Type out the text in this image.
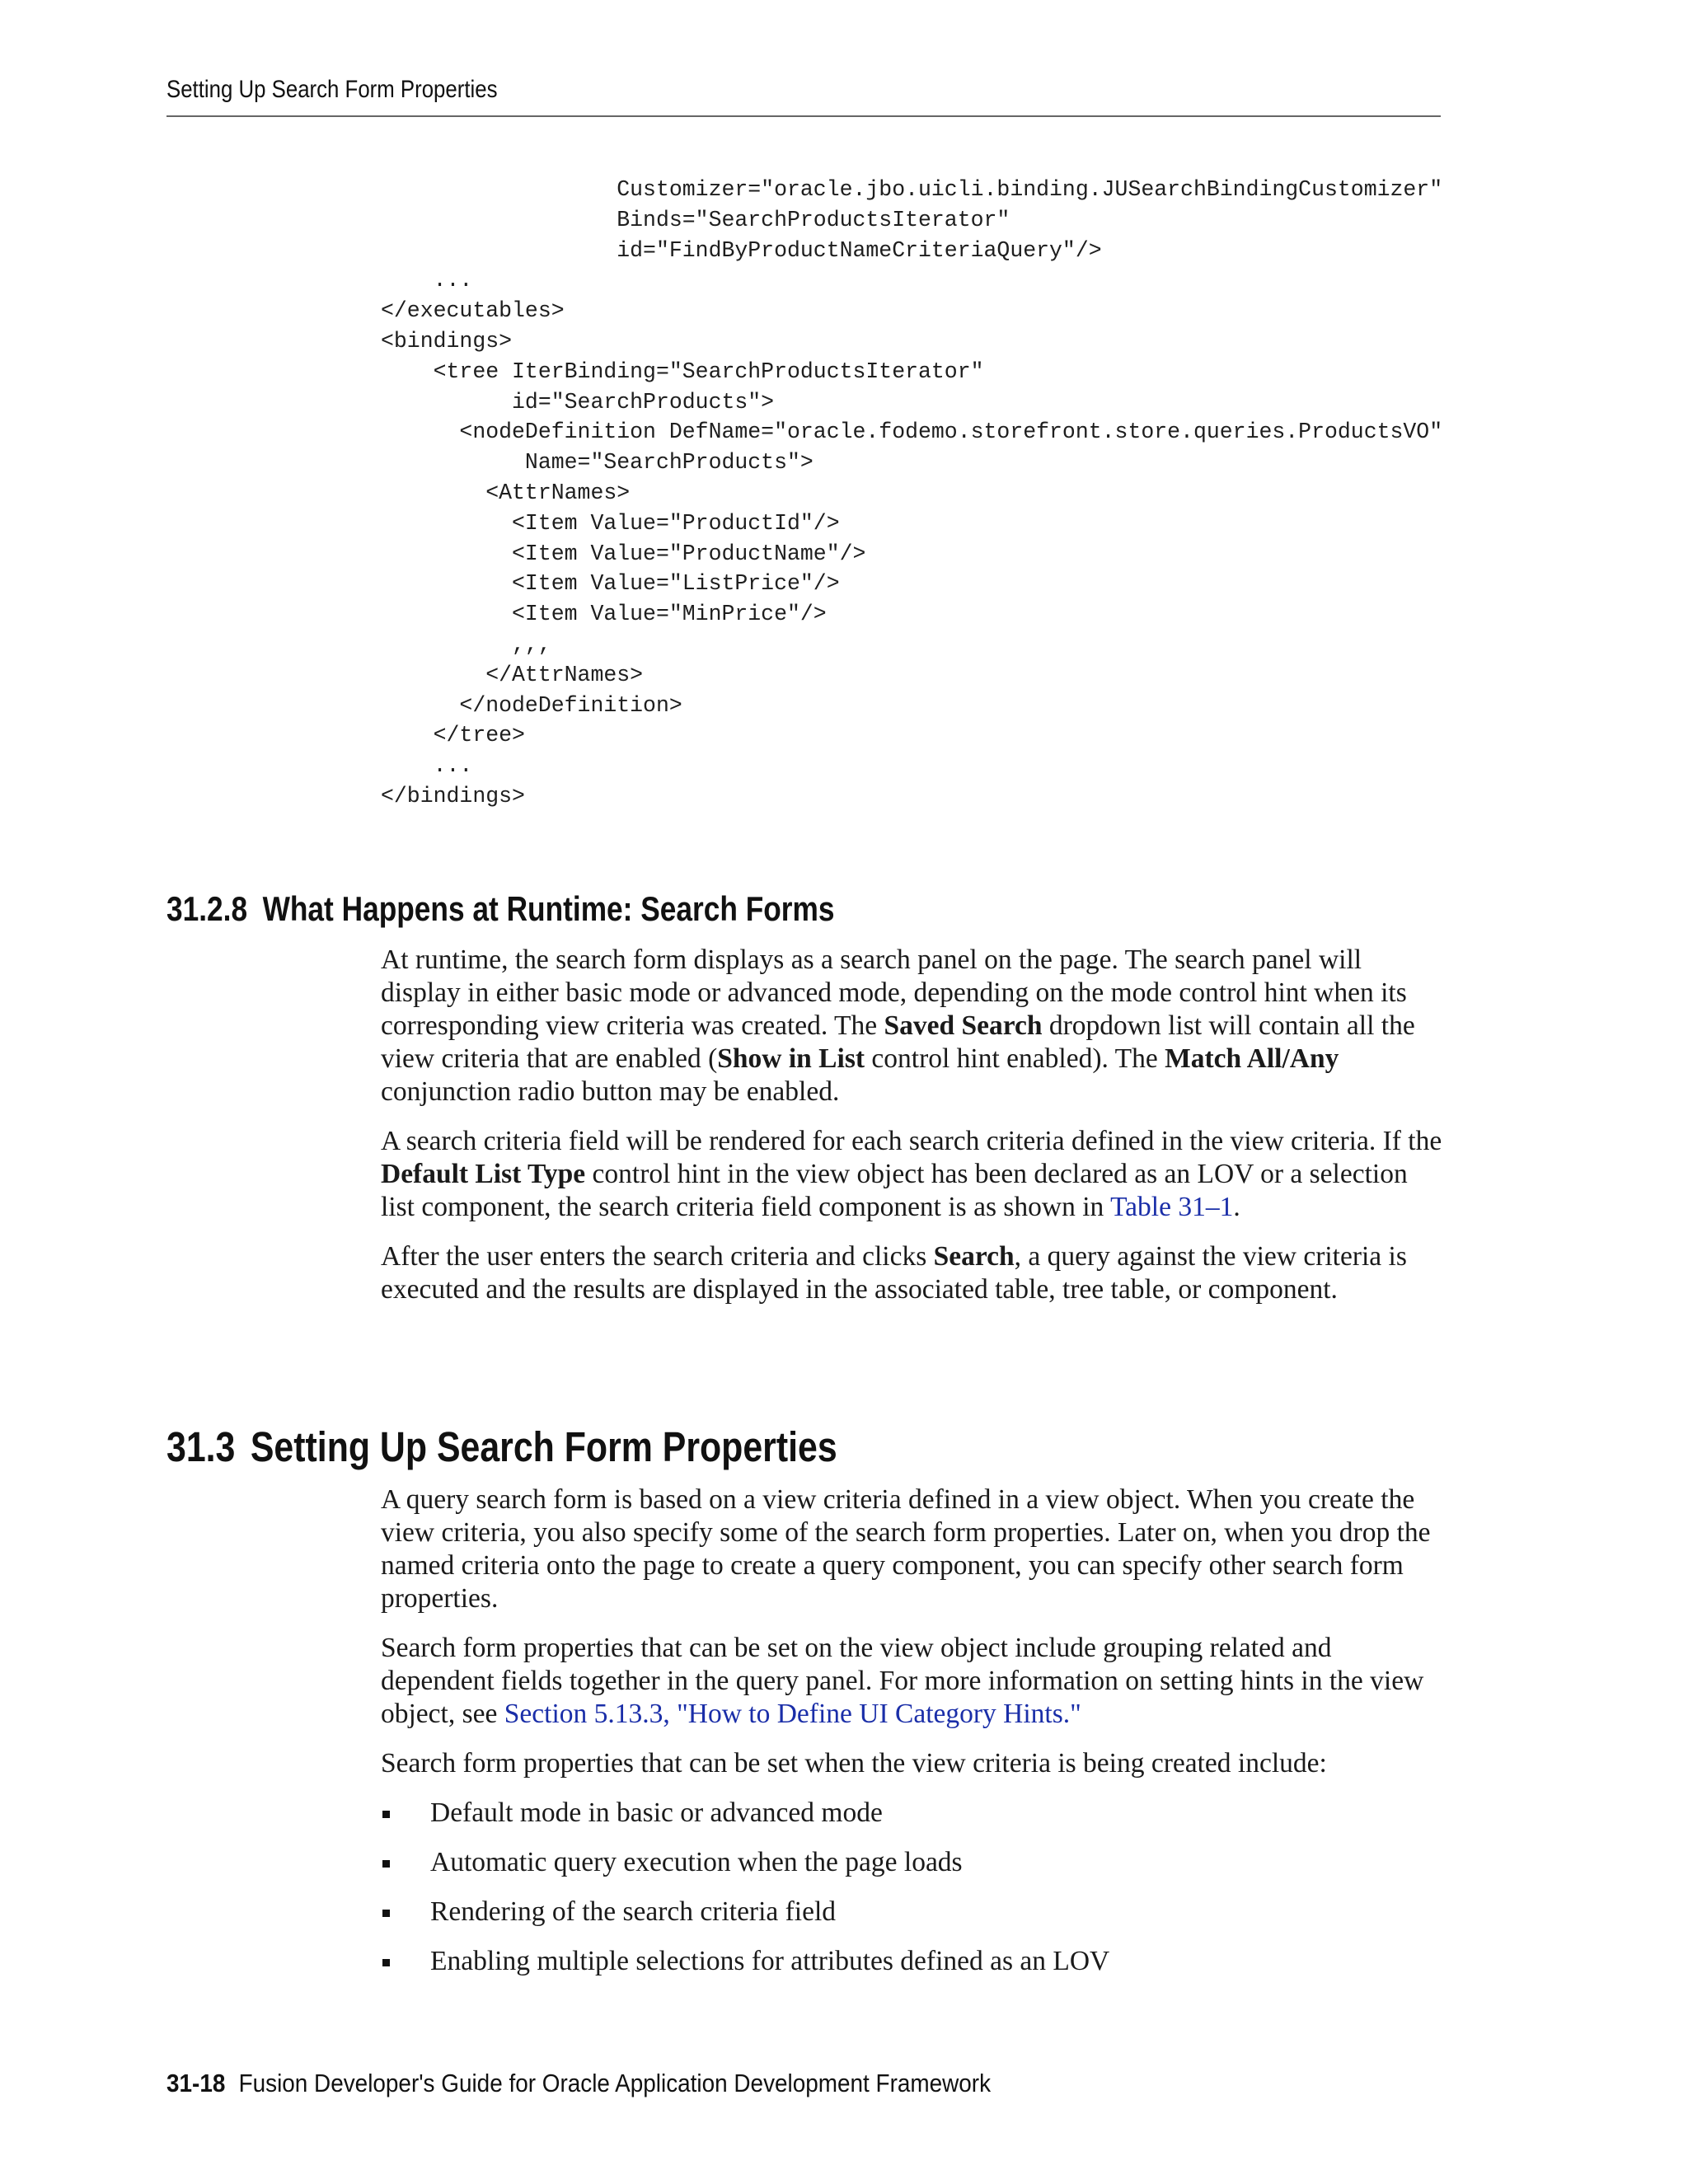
Setting Up Search Form Properties
Customizer="oracle.jbo.uicli.binding.JUSearchBindingCustomizer"
Binds="SearchProductsIterator"
id="FindByProductNameCriteriaQuery"/>
...
</executables>
<bindings>
<tree IterBinding="SearchProductsIterator"
id="SearchProducts">
<nodeDefinition DefName="oracle.fodemo.storefront.store.queries.ProductsVO"
Name="SearchProducts">
<AttrNames>
<Item Value="ProductId"/>
<Item Value="ProductName"/>
<Item Value="ListPrice"/>
<Item Value="MinPrice"/>
,,,
</AttrNames>
</nodeDefinition>
</tree>
...
</bindings>
31.2.8 What Happens at Runtime: Search Forms

At runtime, the search form displays as a search panel on the page. The search panel will display in either basic mode or advanced mode, depending on the mode control hint when its corresponding view criteria was created. The Saved Search dropdown list will contain all the view criteria that are enabled (Show in List control hint enabled). The Match All/Any conjunction radio button may be enabled.

A search criteria field will be rendered for each search criteria defined in the view criteria. If the Default List Type control hint in the view object has been declared as an LOV or a selection list component, the search criteria field component is as shown in Table 31–1.

After the user enters the search criteria and clicks Search, a query against the view criteria is executed and the results are displayed in the associated table, tree table, or component.

31.3 Setting Up Search Form Properties

A query search form is based on a view criteria defined in a view object. When you create the view criteria, you also specify some of the search form properties. Later on, when you drop the named criteria onto the page to create a query component, you can specify other search form properties.

Search form properties that can be set on the view object include grouping related and dependent fields together in the query panel. For more information on setting hints in the view object, see Section 5.13.3, "How to Define UI Category Hints."

Search form properties that can be set when the view criteria is being created include:

Default mode in basic or advanced mode
Automatic query execution when the page loads
Rendering of the search criteria field
Enabling multiple selections for attributes defined as an LOV
31-18 Fusion Developer's Guide for Oracle Application Development Framework
